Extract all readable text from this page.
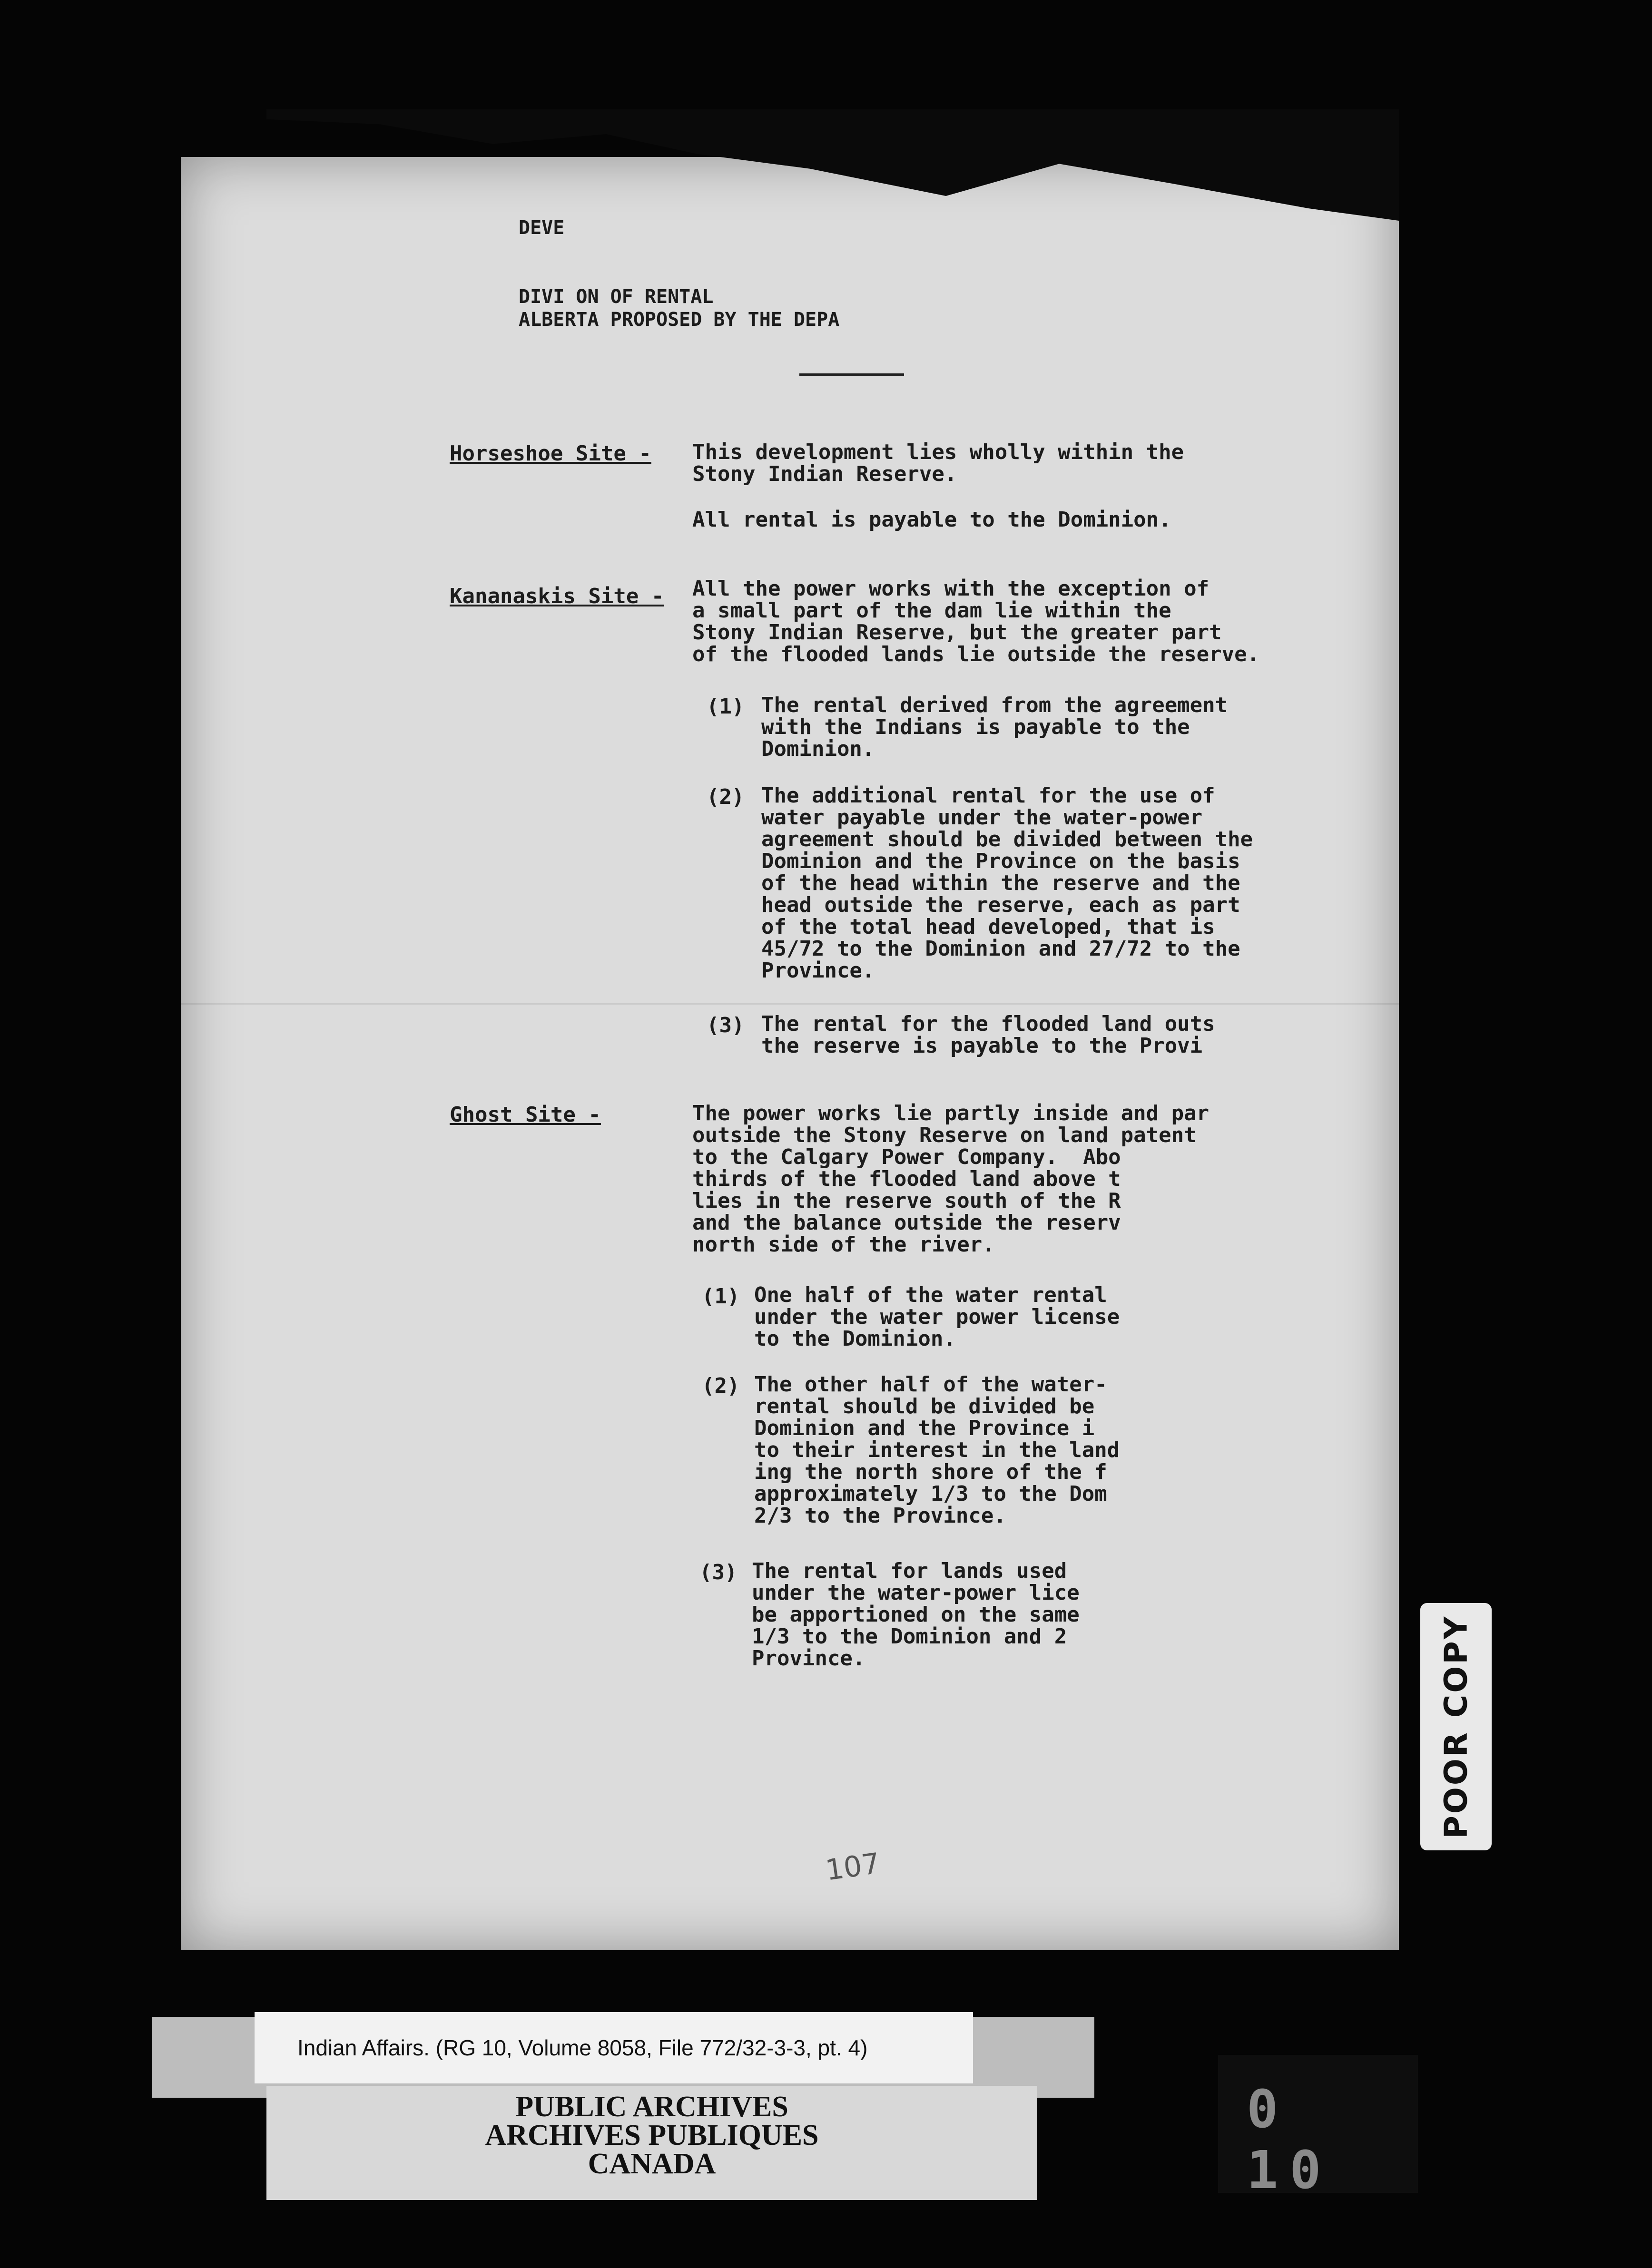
DEVE
DIVI ON OF RENTAL
ALBERTA PROPOSED BY THE DEPA
Horseshoe Site - This development lies wholly within the
Stony Indian Reserve.
All rental is payable to the Dominion.
Kananaskis Site - All the power works with the exception of
a small part of the dam lie within the
Stony Indian Reserve, but the greater part
of the flooded lands lie outside the reserve.
(1) The rental derived from the agreement
with the Indians is payable to the
Dominion.
(2) The additional rental for the use of
water payable under the water-power
agreement should be divided between the
Dominion and the Province on the basis
of the head within the reserve and the
head outside the reserve, each as part
of the total head developed, that is
45/72 to the Dominion and 27/72 to the
Province.
(3) The rental for the flooded land outs
the reserve is payable to the Provi
Ghost Site -	The power works lie partly inside and par
outside the Stony Reserve on land patent
to the Calgary Power Company.  Abo
thirds of the flooded land above t
lies in the reserve south of the R
and the balance outside the reserv
north side of the river.
(1) One half of the water rental
under the water power license
to the Dominion.
(2) The other half of the water-
rental should be divided be
Dominion and the Province i
to their interest in the land
ing the north shore of the f
approximately 1/3 to the Dom
2/3 to the Province.
(3) The rental for lands used
under the water-power lice
be apportioned on the same
1/3 to the Dominion and 2
Province.
107
POOR COPY
Indian Affairs. (RG 10, Volume 8058, File 772/32-3-3, pt. 4)
PUBLIC ARCHIVES
ARCHIVES PUBLIQUES
CANADA
0 10
